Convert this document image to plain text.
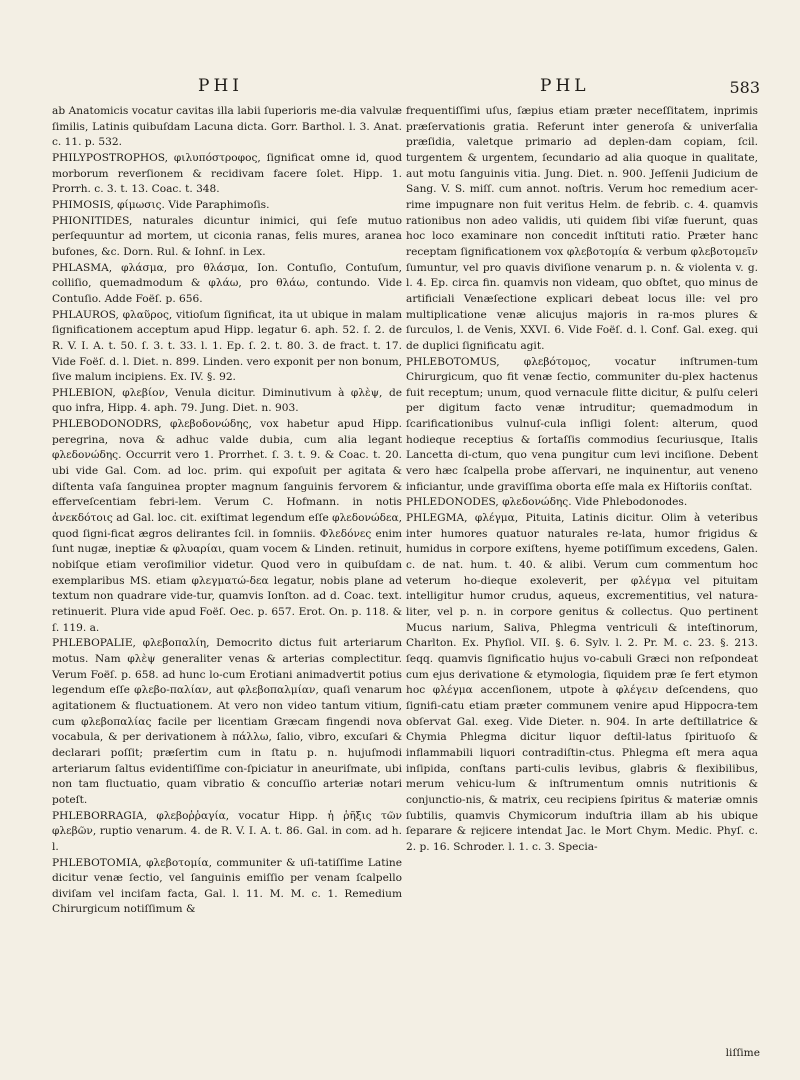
PHI	PHL	583

ab Anatomicis vocatur cavitas illa labii ſuperioris me-dia valvulæ ſimilis, Latinis quibuſdam Lacuna dicta. Gorr. Barthol. l. 3. Anat. c. 11. p. 532.

PHILYPOSTROPHOS, φιλυπόστροφος, ſignificat omne id, quod morborum reverſionem & recidivam facere ſolet. Hipp. 1. Prorrh. c. 3. t. 13. Coac. t. 348.

PHIMOSIS, φίμωσις. Vide Paraphimoſis.

PHIONITIDES, naturales dicuntur inimici, qui ſeſe mutuo perſequuntur ad mortem, ut ciconia ranas, felis mures, aranea bufones, &c. Dorn. Rul. & Iohnſ. in Lex.

PHLASMA, φλάσμα, pro θλάσμα, Ion. Contuſio, Contuſum, colliſio, quemadmodum & φλάω, pro θλάω, contundo. Vide Contuſio. Adde Foëſ. p. 656.

PHLAUROS, φλαῦρος, vitioſum ſignificat, ita ut ubique in malam ſignificationem acceptum apud Hipp. legatur 6. aph. 52. ſ. 2. de R. V. I. A. t. 50. ſ. 3. t. 33. l. 1. Ep. ſ. 2. t. 80. 3. de fract. t. 17. Vide Foëſ. d. l. Diet. n. 899. Linden. vero exponit per non bonum, ſive malum incipiens. Ex. IV. §. 92.

PHLEBION, φλεβίον, Venula dicitur. Diminutivum à φλὲψ, de quo infra, Hipp. 4. aph. 79. Jung. Diet. n. 903.

PHLEBODONODRS, φλεβοδονώδης, vox habetur apud Hipp. peregrina, nova & adhuc valde dubia, cum alia legant φλεδονώδης. Occurrit vero 1. Prorrhet. ſ. 3. t. 9. & Coac. t. 20. ubi vide Gal. Com. ad loc. prim. qui expoſuit per agitata & diſtenta vaſa ſanguinea propter magnum ſanguinis fervorem & efferveſcentiam febri-lem. Verum C. Hofmann. in notis ἀνεκδότοις ad Gal. loc. cit. exiſtimat legendum eſſe φλεδονώδεα, quod ſigni-ficat ægros delirantes ſcil. in ſomniis. Φλεδόνες enim ſunt nugæ, ineptiæ & φλυαρίαι, quam vocem & Linden. retinuit, nobiſque etiam veroſimilior videtur. Quod vero in quibuſdam exemplaribus MS. etiam φλεγματώ-δεα legatur, nobis plane ad textum non quadrare vide-tur, quamvis Ionſton. ad d. Coac. text. retinuerit. Plura vide apud Foëſ. Oec. p. 657. Erot. On. p. 118. & ſ. 119. a.

PHLEBOPALIE, φλεβοπαλίη, Democrito dictus fuit arteriarum motus. Nam φλὲψ generaliter venas & arterias complectitur. Verum Foëſ. p. 658. ad hunc lo-cum Erotiani animadvertit potius legendum eſſe φλεβο-παλίαν, aut φλεβοπαλμίαν, quaſi venarum agitationem & fluctuationem. At vero non video tantum vitium, cum φλεβοπαλίας facile per licentiam Græcam fingendi nova vocabula, & per derivationem à πάλλω, ſalio, vibro, excuſari & declarari poſſit; præſertim cum in ſtatu p. n. hujuſmodi arteriarum ſaltus evidentiſſime con-ſpiciatur in aneuriſmate, ubi non tam fluctuatio, quam vibratio & concuſſio arteriæ notari poteſt.

PHLEBORRAGIA, φλεβοῤῥαγία, vocatur Hipp. ἡ ῥῆξις τῶν φλεβῶν, ruptio venarum. 4. de R. V. I. A. t. 86. Gal. in com. ad h. l.

PHLEBOTOMIA, φλεβοτομία, communiter & uſi-tatiſſime Latine dicitur venæ ſectio, vel ſanguinis emiſſio per venam ſcalpello diviſam vel inciſam facta, Gal. l. 11. M. M. c. 1. Remedium Chirurgicum notiſſimum &

frequentiſſimi uſus, ſæpius etiam præter neceſſitatem, inprimis præſervationis gratia. Referunt inter generoſa & univerſalia præſidia, valetque primario ad deplen-dam copiam, ſcil. turgentem & urgentem, ſecundario ad alia quoque in qualitate, aut motu ſanguinis vitia. Jung. Diet. n. 900. Jeſſenii Judicium de Sang. V. S. miſſ. cum annot. noſtris. Verum hoc remedium acer-rime impugnare non fuit veritus Helm. de febrib. c. 4. quamvis rationibus non adeo validis, uti quidem ſibi viſæ fuerunt, quas hoc loco examinare non concedit inſtituti ratio. Præter hanc receptam ſignificationem vox φλεβοτομία & verbum φλεβοτομεῖν ſumuntur, vel pro quavis diviſione venarum p. n. & violenta v. g. l. 4. Ep. circa fin. quamvis non videam, quo obſtet, quo minus de artificiali Venæſectione explicari debeat locus ille: vel pro multiplicatione venæ alicujus majoris in ra-mos plures & ſurculos, l. de Venis, XXVI. 6. Vide Foëſ. d. l. Conf. Gal. exeg. qui de duplici ſignificatu agit.

PHLEBOTOMUS, φλεβότομος, vocatur inſtrumen-tum Chirurgicum, quo fit venæ ſectio, communiter du-plex hactenus fuit receptum; unum, quod vernacule flitte dicitur, & pulſu celeri per digitum facto venæ intruditur; quemadmodum in ſcarificationibus vulnuſ-cula inſligi ſolent: alterum, quod hodieque receptius & ſortaſſis commodius ſecuriusque, Italis Lancetta di-ctum, quo vena pungitur cum levi inciſione. Debent vero hæc ſcalpella probe aſſervari, ne inquinentur, aut veneno inficiantur, unde graviſſima oborta eſſe mala ex Hiſtoriis conſtat.

PHLEDONODES, φλεδονώδης. Vide Phlebodonodes.

PHLEGMA, φλέγμα, Pituita, Latinis dicitur. Olim à veteribus inter humores quatuor naturales re-lata, humor frigidus & humidus in corpore exiſtens, hyeme potiſſimum excedens, Galen. c. de nat. hum. t. 40. & alibi. Verum cum commentum hoc veterum ho-dieque exoleverit, per φλέγμα vel pituitam intelligitur humor crudus, aqueus, excrementitius, vel natura-liter, vel p. n. in corpore genitus & collectus. Quo pertinent Mucus narium, Saliva, Phlegma ventriculi & inteſtinorum, Charlton. Ex. Phyſiol. VII. §. 6. Sylv. l. 2. Pr. M. c. 23. §. 213. ſeqq. quamvis ſignificatio hujus vo-cabuli Græci non reſpondeat cum ejus derivatione & etymologia, ſiquidem præ ſe fert etymon hoc φλέγμα accenſionem, utpote à φλέγειν deſcendens, quo ſignifi-catu etiam præter communem venire apud Hippocra-tem obſervat Gal. exeg. Vide Dieter. n. 904. In arte deſtillatrice & Chymia Phlegma dicitur liquor deſtil-latus ſpirituoſo & inflammabili liquori contradiſtin-ctus. Phlegma eſt mera aqua inſipida, conſtans parti-culis levibus, glabris & flexibilibus, merum vehicu-lum & inſtrumentum omnis nutritionis & conjunctio-nis, & matrix, ceu recipiens ſpiritus & materiæ omnis ſubtilis, quamvis Chymicorum induſtria illam ab his ubique ſeparare & rejicere intendat Jac. le Mort Chym. Medic. Phyſ. c. 2. p. 16. Schroder. l. 1. c. 3. Specia-

liſſime
